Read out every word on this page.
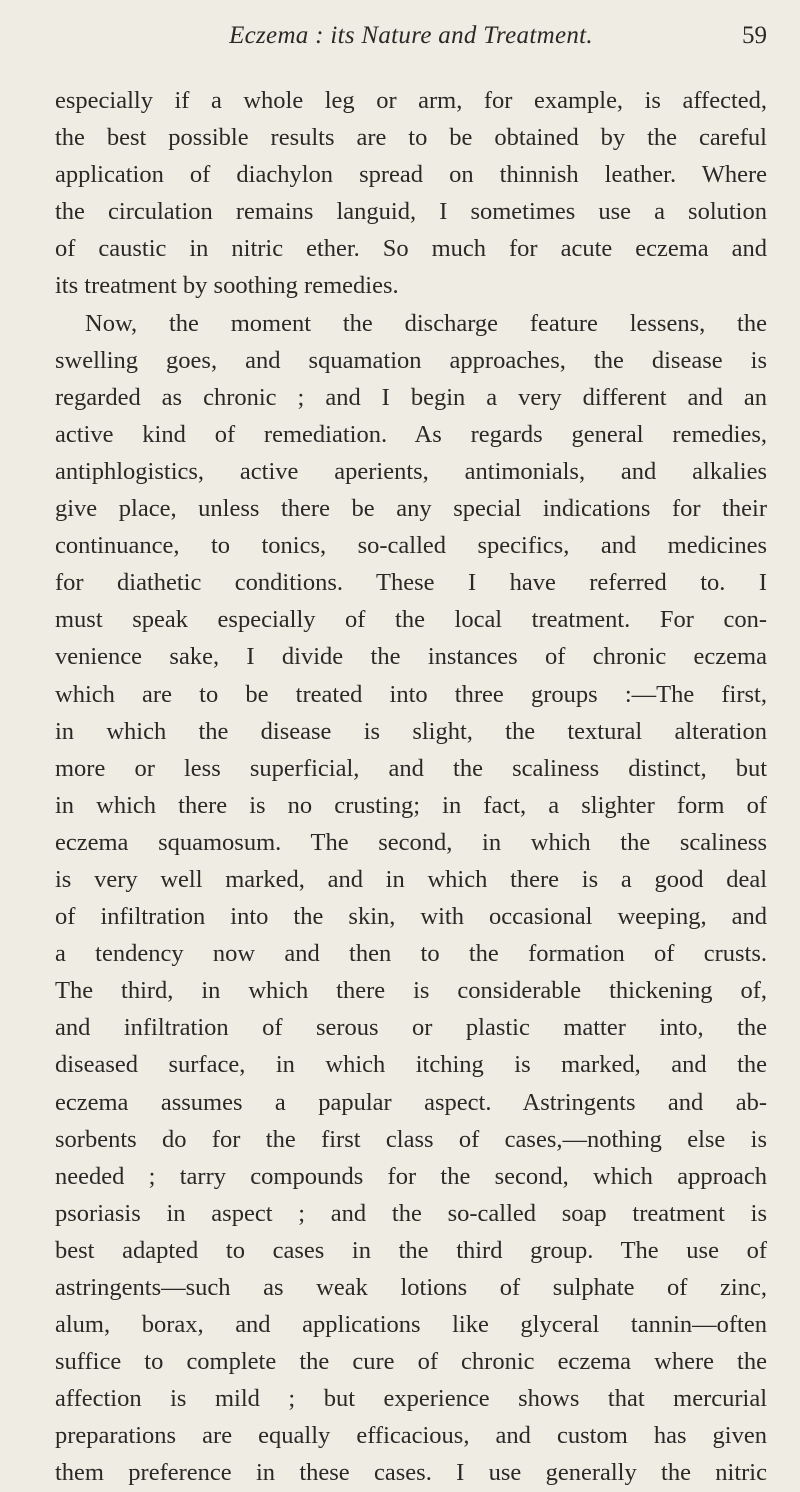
Eczema : its Nature and Treatment.	59
especially if a whole leg or arm, for example, is affected,
the best possible results are to be obtained by the careful
application of diachylon spread on thinnish leather. Where
the circulation remains languid, I sometimes use a solution
of caustic in nitric ether. So much for acute eczema and
its treatment by soothing remedies.
Now, the moment the discharge feature lessens, the
swelling goes, and squamation approaches, the disease is
regarded as chronic ; and I begin a very different and an
active kind of remediation. As regards general remedies,
antiphlogistics, active aperients, antimonials, and alkalies
give place, unless there be any special indications for their
continuance, to tonics, so-called specifics, and medicines
for diathetic conditions. These I have referred to. I
must speak especially of the local treatment. For con-
venience sake, I divide the instances of chronic eczema
which are to be treated into three groups :—The first,
in which the disease is slight, the textural alteration
more or less superficial, and the scaliness distinct, but
in which there is no crusting; in fact, a slighter form of
eczema squamosum. The second, in which the scaliness
is very well marked, and in which there is a good deal
of infiltration into the skin, with occasional weeping, and
a tendency now and then to the formation of crusts.
The third, in which there is considerable thickening of,
and infiltration of serous or plastic matter into, the
diseased surface, in which itching is marked, and the
eczema assumes a papular aspect. Astringents and ab-
sorbents do for the first class of cases,—nothing else is
needed ; tarry compounds for the second, which approach
psoriasis in aspect ; and the so-called soap treatment is
best adapted to cases in the third group. The use of
astringents—such as weak lotions of sulphate of zinc,
alum, borax, and applications like glyceral tannin—often
suffice to complete the cure of chronic eczema where the
affection is mild ; but experience shows that mercurial
preparations are equally efficacious, and custom has given
them preference in these cases. I use generally the nitric
